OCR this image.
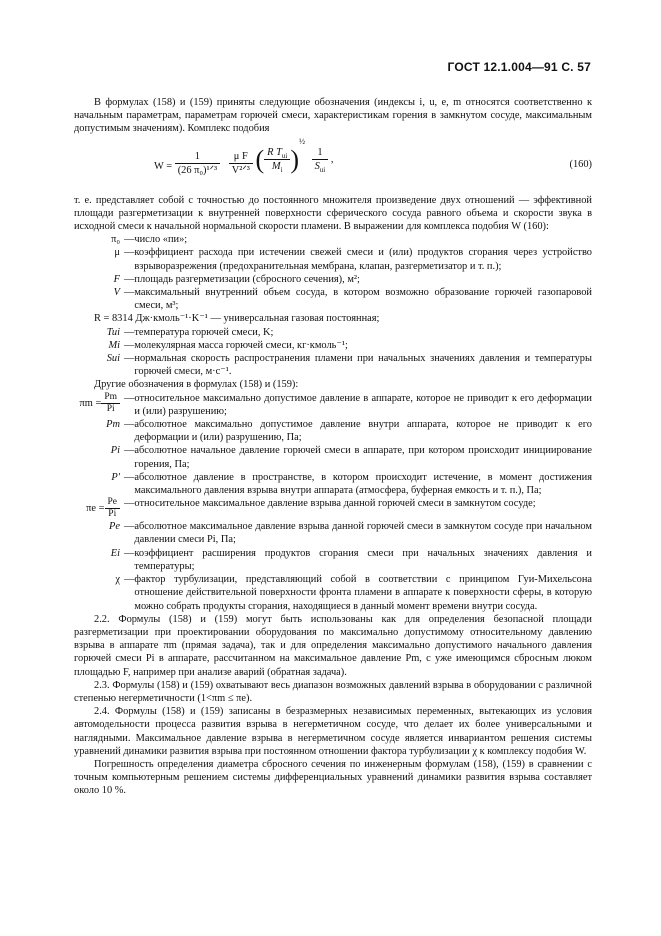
ГОСТ 12.1.004—91 С. 57

В формулах (158) и (159) приняты следующие обозначения (индексы i, u, e, m относятся соответственно к начальным параметрам, параметрам горючей смеси, характеристикам горения в замкнутом сосуде, максимальным допустимым значениям). Комплекс подобия

$W = \frac{1}{\text{(26 π₀)¹ᐟ³}}$
$\frac{\text{μ F}}{\text{V²ᐟ³}}$ ( $\frac{R T_{ui}}{M_i} )^{\frac{1}{2}}$
$\frac{1}{S_{ui}}$ ,	(160)

т. е. представляет собой с точностью до постоянного множителя произведение двух отношений — эффективной площади разгерметизации к внутренней поверхности сферического сосуда равного объема и скорости звука в исходной смеси к начальной нормальной скорости пламени. В выражении для комплекса подобия W (160):

π₀ — число «пи»;
μ — коэффициент расхода при истечении свежей смеси и (или) продуктов сгорания через устройство взрыворазрежения (предохранительная мембрана, клапан, разгерметизатор и т. п.);
F — площадь разгерметизации (сбросного сечения), м²;
V — максимальный внутренний объем сосуда, в котором возможно образование горючей газопаровой смеси, м³;
R = 8314 Дж·кмоль⁻¹·K⁻¹ — универсальная газовая постоянная;
Tui — температура горючей смеси, K;
Mi — молекулярная масса горючей смеси, кг·кмоль⁻¹;
Sui — нормальная скорость распространения пламени при начальных значениях давления и температуры горючей смеси, м·с⁻¹.

Другие обозначения в формулах (158) и (159):

$\pi m = \frac{Pm}{Pi}$ — относительное максимально допустимое давление в аппарате, которое не приводит к его деформации и (или) разрушению;
Pm — абсолютное максимально допустимое давление внутри аппарата, которое не приводит к его деформации и (или) разрушению, Па;
Pi — абсолютное начальное давление горючей смеси в аппарате, при котором происходит инициирование горения, Па;
P′ — абсолютное давление в пространстве, в котором происходит истечение, в момент достижения максимального давления взрыва внутри аппарата (атмосфера, буферная емкость и т. п.), Па;
$\pi e = \frac{Pe}{Pi}$ — относительное максимальное давление взрыва данной горючей смеси в замкнутом сосуде;
Pe — абсолютное максимальное давление взрыва данной горючей смеси в замкнутом сосуде при начальном давлении смеси Pi, Па;
Ei — коэффициент расширения продуктов сгорания смеси при начальных значениях давления и температуры;
χ — фактор турбулизации, представляющий собой в соответствии с принципом Гуи-Михельсона отношение действительной поверхности фронта пламени в аппарате к поверхности сферы, в которую можно собрать продукты сгорания, находящиеся в данный момент времени внутри сосуда.

2.2. Формулы (158) и (159) могут быть использованы как для определения безопасной площади разгерметизации при проектировании оборудования по максимально допустимому относительному давлению взрыва в аппарате πm (прямая задача), так и для определения максимально допустимого начального давления горючей смеси Pi в аппарате, рассчитанном на максимальное давление Pm, с уже имеющимся сбросным люком площадью F, например при анализе аварий (обратная задача).

2.3. Формулы (158) и (159) охватывают весь диапазон возможных давлений взрыва в оборудовании с различной степенью негерметичности (1<πm ≤ πe).

2.4. Формулы (158) и (159) записаны в безразмерных независимых переменных, вытекающих из условия автомодельности процесса развития взрыва в негерметичном сосуде, что делает их более универсальными и наглядными. Максимальное давление взрыва в негерметичном сосуде является инвариантом решения системы уравнений динамики развития взрыва при постоянном отношении фактора турбулизации χ к комплексу подобия W.

Погрешность определения диаметра сбросного сечения по инженерным формулам (158), (159) в сравнении с точным компьютерным решением системы дифференциальных уравнений динамики развития взрыва составляет около 10 %.
